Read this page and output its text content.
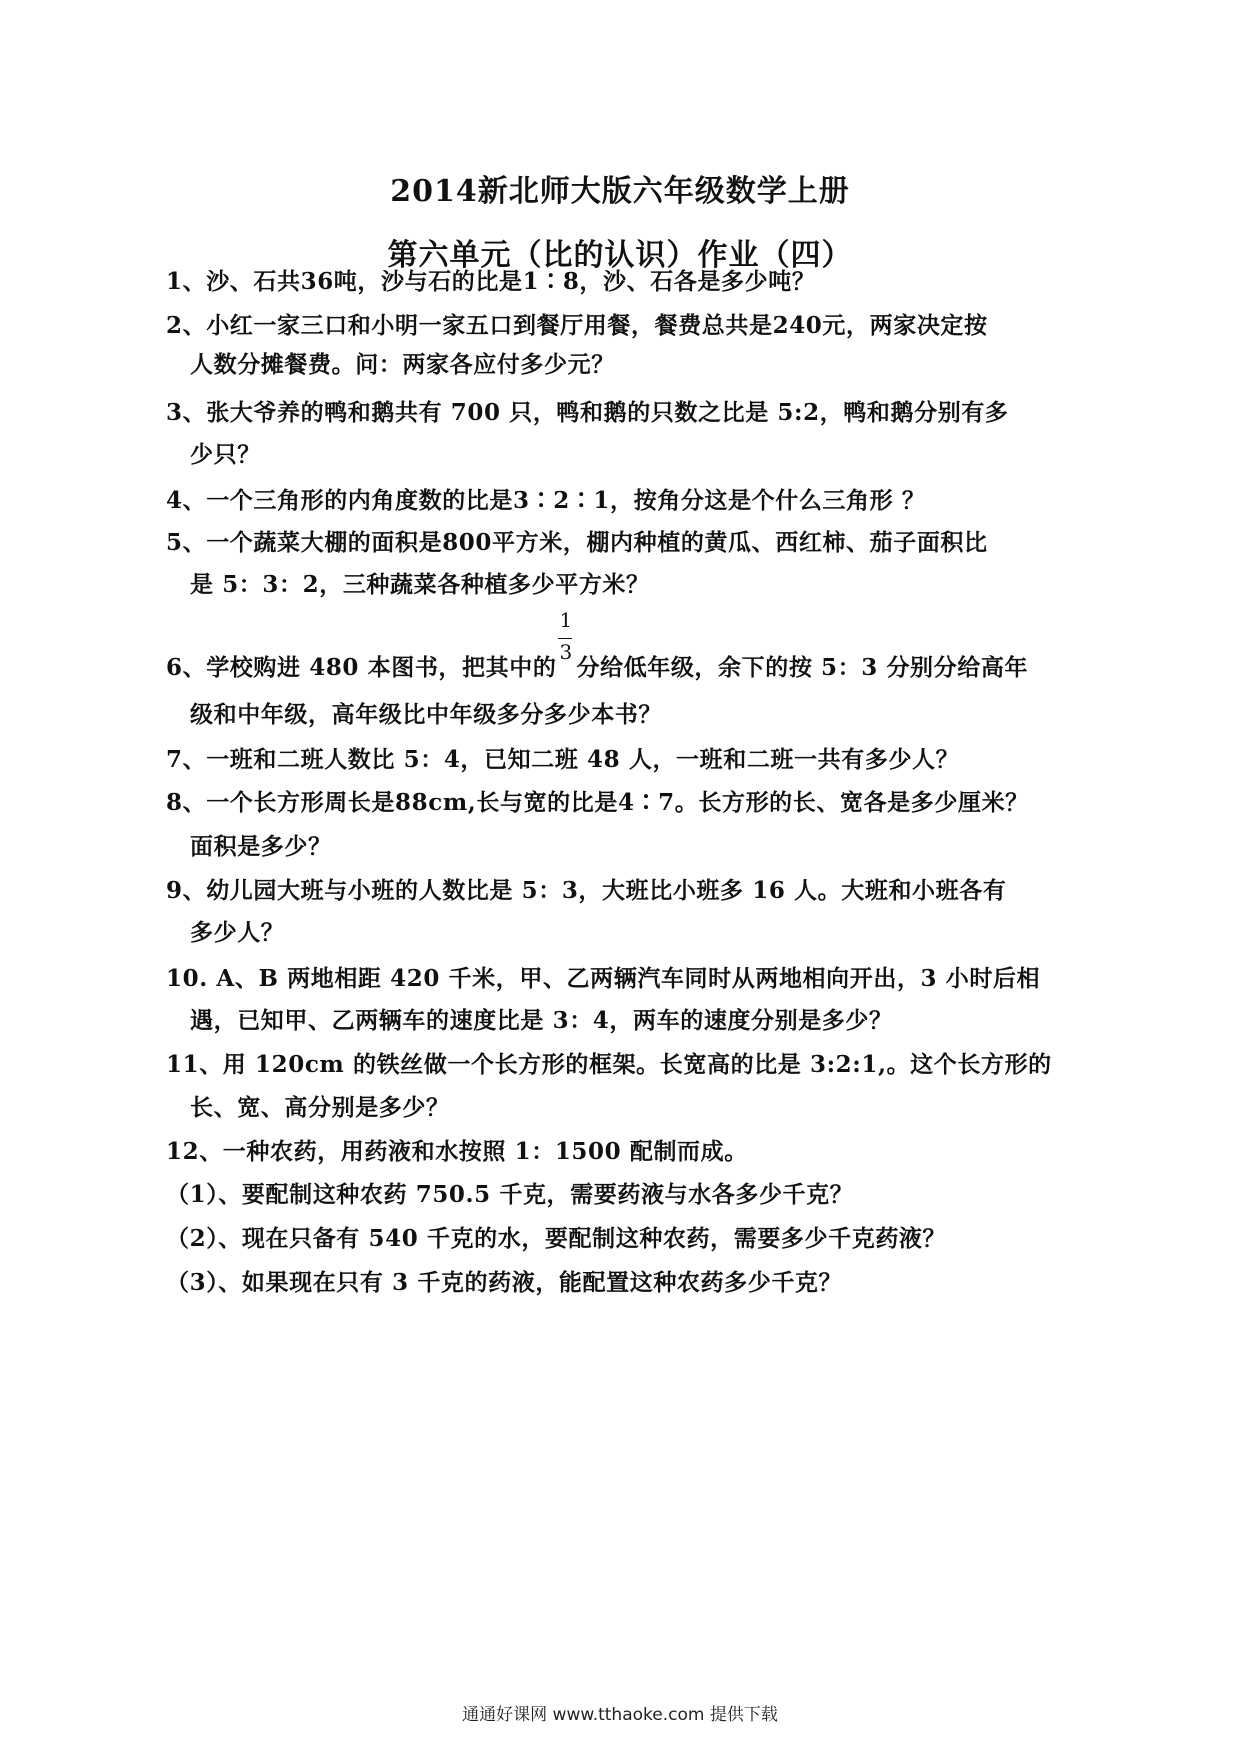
2014新北师大版六年级数学上册
第六单元（比的认识）作业（四）
1、沙、石共36吨，沙与石的比是1∶8，沙、石各是多少吨？
2、小红一家三口和小明一家五口到餐厅用餐，餐费总共是240元，两家决定按
人数分摊餐费。问：两家各应付多少元？
3、张大爷养的鸭和鹅共有 700 只，鸭和鹅的只数之比是 5:2，鸭和鹅分别有多
少只？
4、一个三角形的内角度数的比是3∶2∶1，按角分这是个什么三角形 ？
5、一个蔬菜大棚的面积是800平方米，棚内种植的黄瓜、西红柿、茄子面积比
是 5：3：2，三种蔬菜各种植多少平方米？
6、学校购进 480 本图书，把其中的 $\frac{1}{3}$ 分给低年级，余下的按 5：3 分别分给高年
级和中年级，高年级比中年级多分多少本书？
7、一班和二班人数比 5：4，已知二班 48 人，一班和二班一共有多少人？
8、一个长方形周长是88cm,长与宽的比是4∶7。长方形的长、宽各是多少厘米？
面积是多少？
9、幼儿园大班与小班的人数比是 5：3，大班比小班多 16 人。大班和小班各有
多少人？
10. A、B 两地相距 420 千米，甲、乙两辆汽车同时从两地相向开出，3 小时后相
遇，已知甲、乙两辆车的速度比是 3：4，两车的速度分别是多少？
11、用 120cm 的铁丝做一个长方形的框架。长宽高的比是 3:2:1,。这个长方形的
长、宽、高分别是多少？
12、一种农药，用药液和水按照 1：1500 配制而成。
（1）、要配制这种农药 750.5 千克，需要药液与水各多少千克？
（2）、现在只备有 540 千克的水，要配制这种农药，需要多少千克药液？
（3）、如果现在只有 3 千克的药液，能配置这种农药多少千克？
通通好课网 www.tthaoke.com 提供下载
